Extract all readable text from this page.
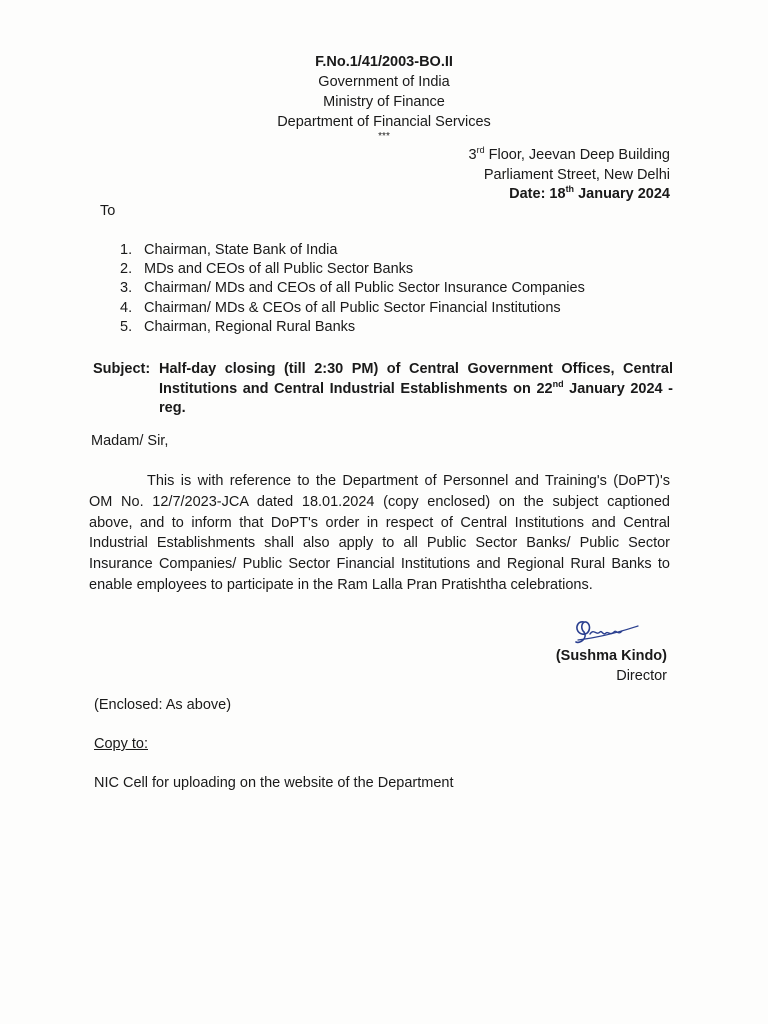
F.No.1/41/2003-BO.II
Government of India
Ministry of Finance
Department of Financial Services
***
3rd Floor, Jeevan Deep Building
Parliament Street, New Delhi
Date: 18th January 2024
To
1. Chairman, State Bank of India
2. MDs and CEOs of all Public Sector Banks
3. Chairman/ MDs and CEOs of all Public Sector Insurance Companies
4. Chairman/ MDs & CEOs of all Public Sector Financial Institutions
5. Chairman, Regional Rural Banks
Subject: Half-day closing (till 2:30 PM) of Central Government Offices, Central Institutions and Central Industrial Establishments on 22nd January 2024 - reg.
Madam/ Sir,
This is with reference to the Department of Personnel and Training's (DoPT)'s OM No. 12/7/2023-JCA dated 18.01.2024 (copy enclosed) on the subject captioned above, and to inform that DoPT's order in respect of Central Institutions and Central Industrial Establishments shall also apply to all Public Sector Banks/ Public Sector Insurance Companies/ Public Sector Financial Institutions and Regional Rural Banks to enable employees to participate in the Ram Lalla Pran Pratishtha celebrations.
(Sushma Kindo)
Director
(Enclosed: As above)
Copy to:
NIC Cell for uploading on the website of the Department
